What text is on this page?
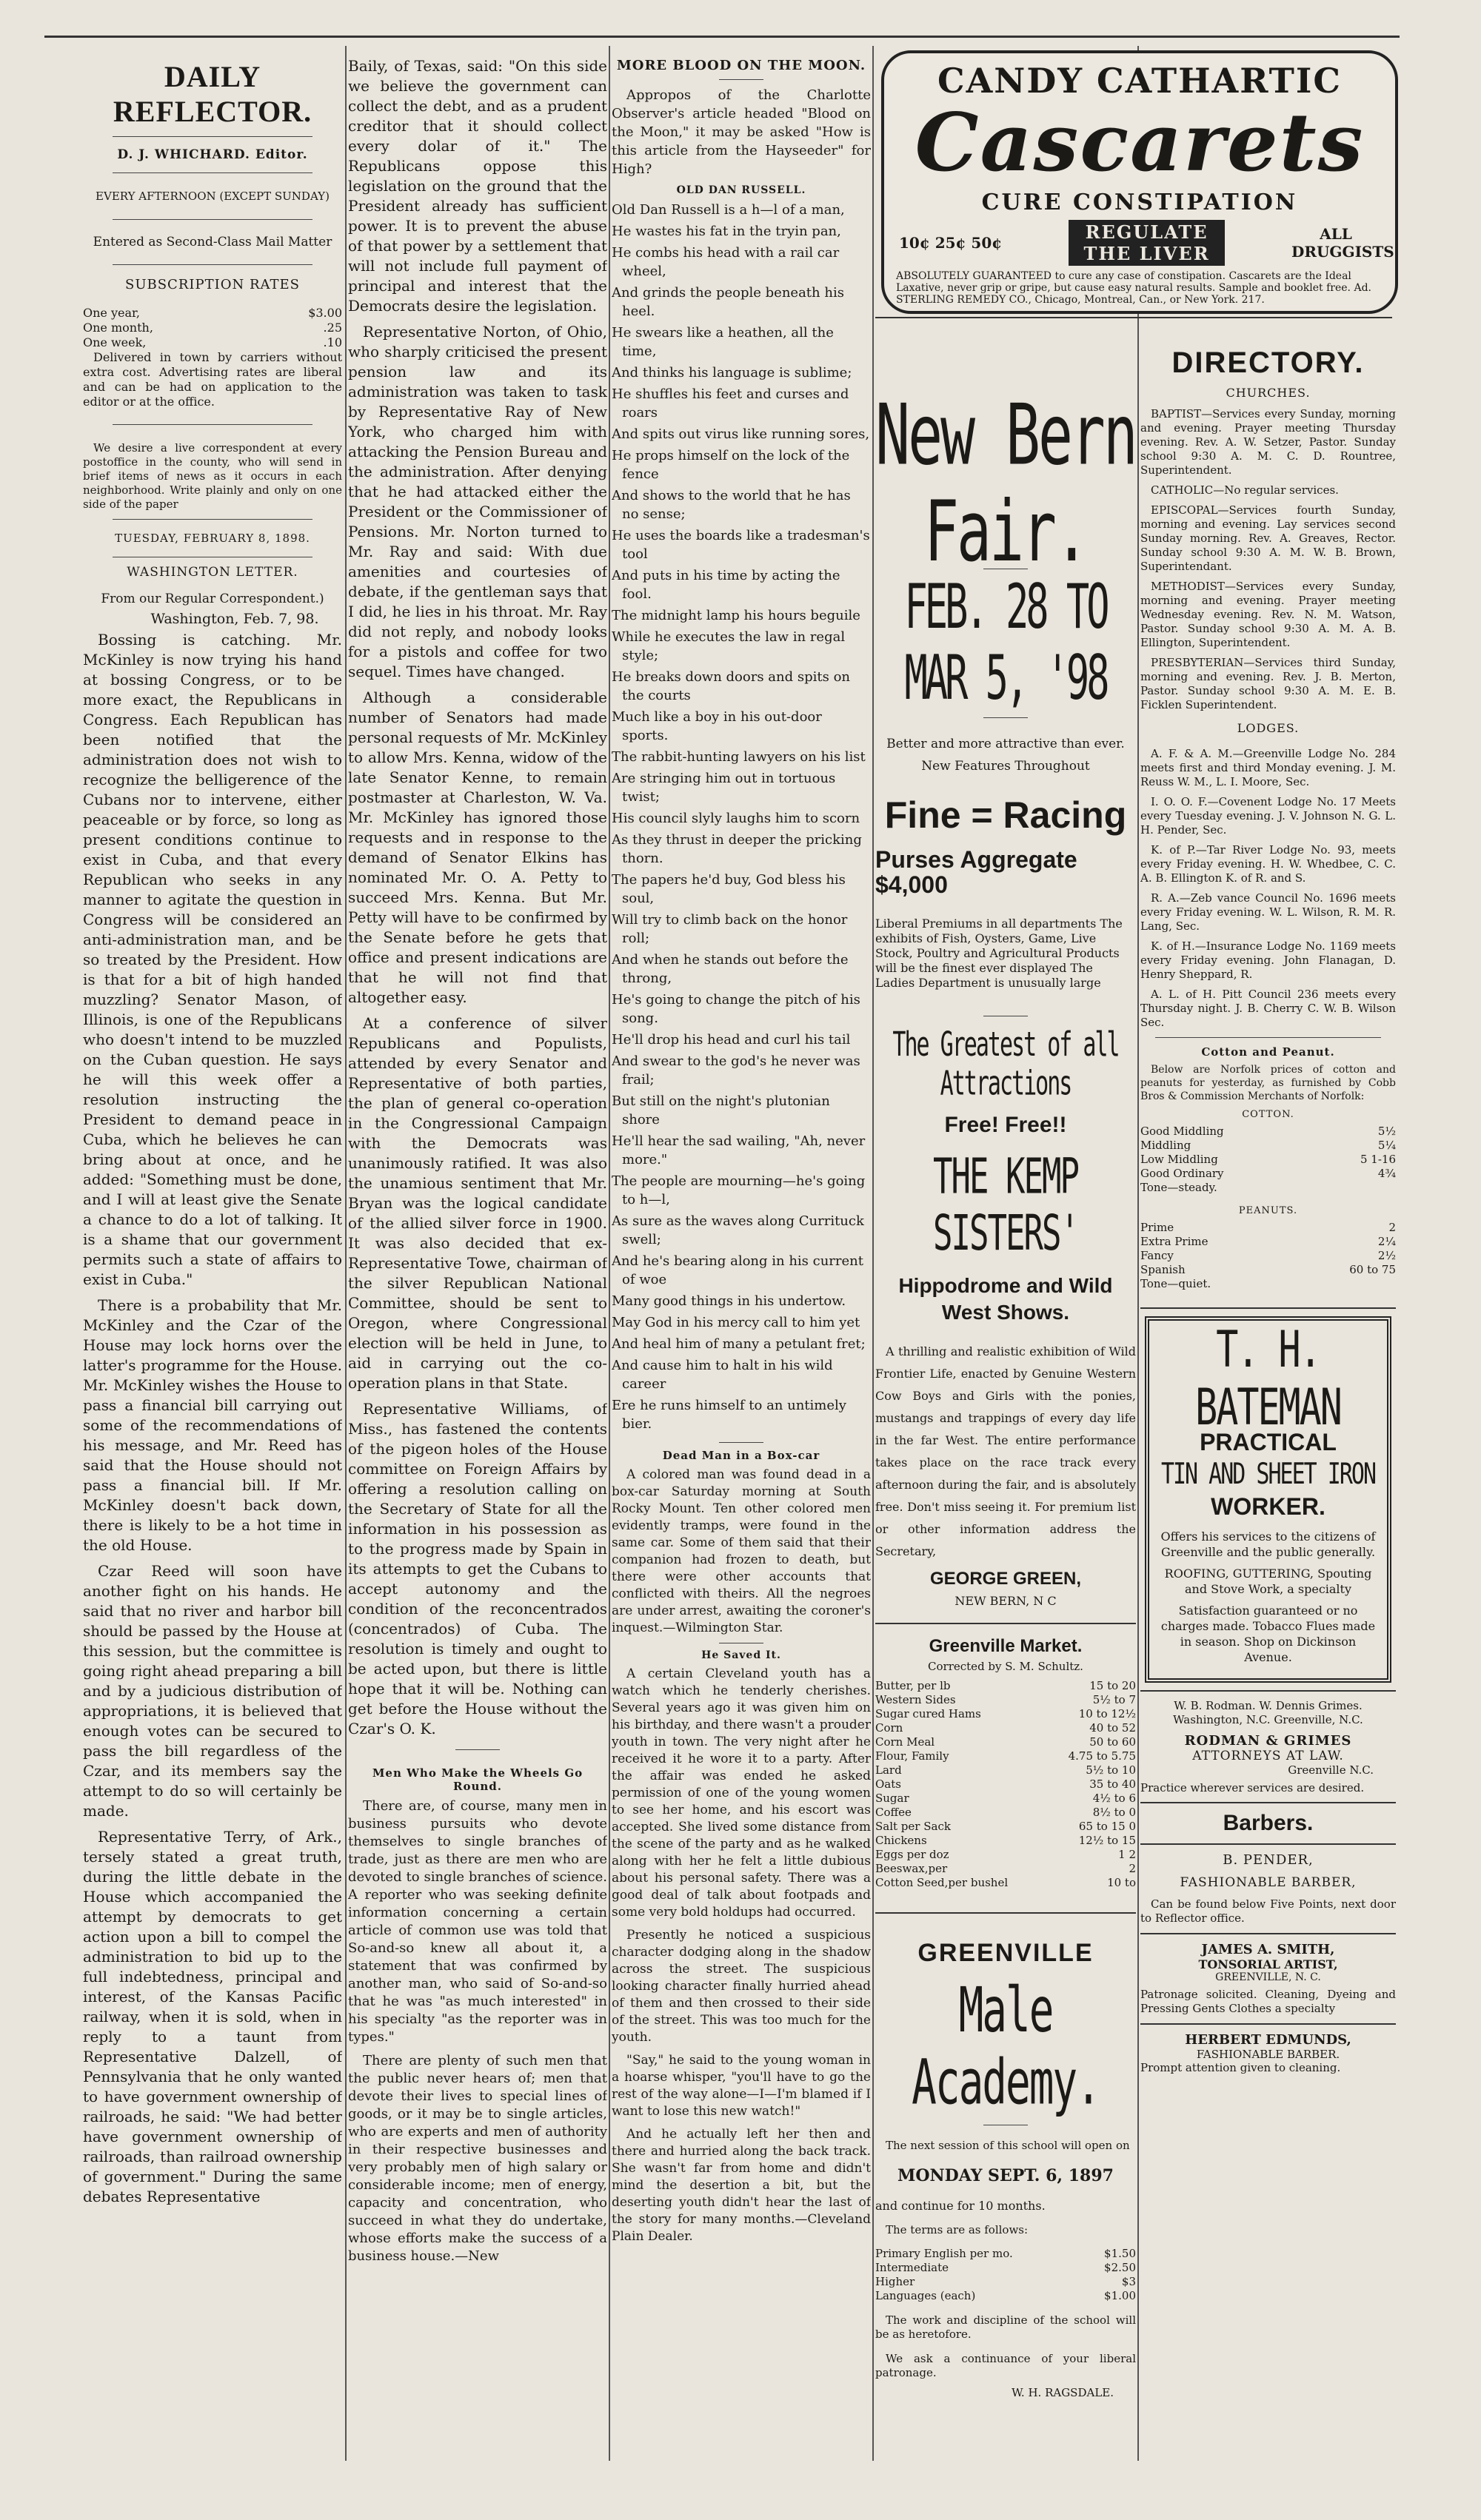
DAILY REFLECTOR.
D. J. WHICHARD. Editor.
EVERY AFTERNOON (EXCEPT SUNDAY)
Entered as Second-Class Mail Matter
SUBSCRIPTION RATES
One year,	$3.00
One month,	.25
One week,	.10

Delivered in town by carriers without extra cost. Advertising rates are liberal and can be had on application to the editor or at the office.

We desire a live correspondent at every postoffice in the county, who will send in brief items of news as it occurs in each neighborhood. Write plainly and only on one side of the paper

TUESDAY, FEBRUARY 8, 1898.
WASHINGTON LETTER.
From our Regular Correspondent.)
Washington, Feb. 7, 98.

Bossing is catching. Mr. McKinley is now trying his hand at bossing Congress, or to be more exact, the Republicans in Congress. Each Republican has been notified that the administration does not wish to recognize the belligerence of the Cubans nor to intervene, either peaceable or by force, so long as present conditions continue to exist in Cuba, and that every Republican who seeks in any manner to agitate the question in Congress will be considered an anti-administration man, and be so treated by the President. How is that for a bit of high handed muzzling? Senator Mason, of Illinois, is one of the Republicans who doesn't intend to be muzzled on the Cuban question. He says he will this week offer a resolution instructing the President to demand peace in Cuba, which he believes he can bring about at once, and he added: "Something must be done, and I will at least give the Senate a chance to do a lot of talking. It is a shame that our government permits such a state of affairs to exist in Cuba."

There is a probability that Mr. McKinley and the Czar of the House may lock horns over the latter's programme for the House. Mr. McKinley wishes the House to pass a financial bill carrying out some of the recommendations of his message, and Mr. Reed has said that the House should not pass a financial bill. If Mr. McKinley doesn't back down, there is likely to be a hot time in the old House.

Czar Reed will soon have another fight on his hands. He said that no river and harbor bill should be passed by the House at this session, but the committee is going right ahead preparing a bill and by a judicious distribution of appropriations, it is believed that enough votes can be secured to pass the bill regardless of the Czar, and its members say the attempt to do so will certainly be made.

Representative Terry, of Ark., tersely stated a great truth, during the little debate in the House which accompanied the attempt by democrats to get action upon a bill to compel the administration to bid up to the full indebtedness, principal and interest, of the Kansas Pacific railway, when it is sold, when in reply to a taunt from Representative Dalzell, of Pennsylvania that he only wanted to have government ownership of railroads, he said: "We had better have government ownership of railroads, than railroad ownership of government." During the same debates Representative

Baily, of Texas, said: "On this side we believe the government can collect the debt, and as a prudent creditor that it should collect every dolar of it." The Republicans oppose this legislation on the ground that the President already has sufficient power. It is to prevent the abuse of that power by a settlement that will not include full payment of principal and interest that the Democrats desire the legislation.

Representative Norton, of Ohio, who sharply criticised the present pension law and its administration was taken to task by Representative Ray of New York, who charged him with attacking the Pension Bureau and the administration. After denying that he had attacked either the President or the Commissioner of Pensions. Mr. Norton turned to Mr. Ray and said: With due amenities and courtesies of debate, if the gentleman says that I did, he lies in his throat. Mr. Ray did not reply, and nobody looks for a pistols and coffee for two sequel. Times have changed.

Although a considerable number of Senators had made personal requests of Mr. McKinley to allow Mrs. Kenna, widow of the late Senator Kenne, to remain postmaster at Charleston, W. Va. Mr. McKinley has ignored those requests and in response to the demand of Senator Elkins has nominated Mr. O. A. Petty to succeed Mrs. Kenna. But Mr. Petty will have to be confirmed by the Senate before he gets that office and present indications are that he will not find that altogether easy.

At a conference of silver Republicans and Populists, attended by every Senator and Representative of both parties, the plan of general co-operation in the Congressional Campaign with the Democrats was unanimously ratified. It was also the unamious sentiment that Mr. Bryan was the logical candidate of the allied silver force in 1900. It was also decided that ex-Representative Towe, chairman of the silver Republican National Committee, should be sent to Oregon, where Congressional election will be held in June, to aid in carrying out the co-operation plans in that State.

Representative Williams, of Miss., has fastened the contents of the pigeon holes of the House committee on Foreign Affairs by offering a resolution calling on the Secretary of State for all the information in his possession as to the progress made by Spain in its attempts to get the Cubans to accept autonomy and the condition of the reconcentrados (concentrados) of Cuba. The resolution is timely and ought to be acted upon, but there is little hope that it will be. Nothing can get before the House without the Czar's O. K.

Men Who Make the Wheels Go Round.

There are, of course, many men in business pursuits who devote themselves to single branches of trade, just as there are men who are devoted to single branches of science. A reporter who was seeking definite information concerning a certain article of common use was told that So-and-so knew all about it, a statement that was confirmed by another man, who said of So-and-so that he was "as much interested" in his specialty "as the reporter was in types."

There are plenty of such men that the public never hears of; men that devote their lives to special lines of goods, or it may be to single articles, who are experts and men of authority in their respective businesses and very probably men of high salary or considerable income; men of energy, capacity and concentration, who succeed in what they do undertake, whose efforts make the success of a business house.—New

MORE BLOOD ON THE MOON.

Appropos of the Charlotte Observer's article headed "Blood on the Moon," it may be asked "How is this article from the Hayseeder" for High?

OLD DAN RUSSELL.

Old Dan Russell is a h—l of a man,

He wastes his fat in the tryin pan,

He combs his head with a rail car wheel,

And grinds the people beneath his heel.

He swears like a heathen, all the time,

And thinks his language is sublime;

He shuffles his feet and curses and roars

And spits out virus like running sores,

He props himself on the lock of the fence

And shows to the world that he has no sense;

He uses the boards like a tradesman's tool

And puts in his time by acting the fool.

The midnight lamp his hours beguile

While he executes the law in regal style;

He breaks down doors and spits on the courts

Much like a boy in his out-door sports.

The rabbit-hunting lawyers on his list

Are stringing him out in tortuous twist;

His council slyly laughs him to scorn

As they thrust in deeper the pricking thorn.

The papers he'd buy, God bless his soul,

Will try to climb back on the honor roll;

And when he stands out before the throng,

He's going to change the pitch of his song.

He'll drop his head and curl his tail

And swear to the god's he never was frail;

But still on the night's plutonian shore

He'll hear the sad wailing, "Ah, never more."

The people are mourning—he's going to h—l,

As sure as the waves along Currituck swell;

And he's bearing along in his current of woe

Many good things in his undertow.

May God in his mercy call to him yet

And heal him of many a petulant fret;

And cause him to halt in his wild career

Ere he runs himself to an untimely bier.

Dead Man in a Box-car

A colored man was found dead in a box-car Saturday morning at South Rocky Mount. Ten other colored men evidently tramps, were found in the same car. Some of them said that their companion had frozen to death, but there were other accounts that conflicted with theirs. All the negroes are under arrest, awaiting the coroner's inquest.—Wilmington Star.

He Saved It.

A certain Cleveland youth has a watch which he tenderly cherishes. Several years ago it was given him on his birthday, and there wasn't a prouder youth in town. The very night after he received it he wore it to a party. After the affair was ended he asked permission of one of the young women to see her home, and his escort was accepted. She lived some distance from the scene of the party and as he walked along with her he felt a little dubious about his personal safety. There was a good deal of talk about footpads and some very bold holdups had occurred.

Presently he noticed a suspicious character dodging along in the shadow across the street. The suspicious looking character finally hurried ahead of them and then crossed to their side of the street. This was too much for the youth.

"Say," he said to the young woman in a hoarse whisper, "you'll have to go the rest of the way alone—I—I'm blamed if I want to lose this new watch!"

And he actually left her then and there and hurried along the back track. She wasn't far from home and didn't mind the desertion a bit, but the deserting youth didn't hear the last of the story for many months.—Cleveland Plain Dealer.

CANDY CATHARTIC
Cascarets
CURE CONSTIPATION
10¢ 25¢ 50¢	REGULATE THE LIVER
ALL DRUGGISTS
ABSOLUTELY GUARANTEED to cure any case of constipation. Cascarets are the Ideal Laxative, never grip or gripe, but cause easy natural results. Sample and booklet free. Ad. STERLING REMEDY CO., Chicago, Montreal, Can., or New York. 217.
New Bern Fair.
FEB. 28 TO MAR 5, '98
Better and more attractive than ever. New Features Throughout
Fine = Racing
Purses Aggregate $4,000

Liberal Premiums in all departments The exhibits of Fish, Oysters, Game, Live Stock, Poultry and Agricultural Products will be the finest ever displayed The Ladies Department is unusually large

The Greatest of all Attractions
Free! Free!!
THE KEMP SISTERS'
Hippodrome and Wild West Shows.

A thrilling and realistic exhibition of Wild Frontier Life, enacted by Genuine Western Cow Boys and Girls with the ponies, mustangs and trappings of every day life in the far West. The entire performance takes place on the race track every afternoon during the fair, and is absolutely free. Don't miss seeing it. For premium list or other information address the Secretary,

GEORGE GREEN,
NEW BERN, N C
Greenville Market.
Corrected by S. M. Schultz.
Butter, per lb	15 to 20
Western Sides	5½ to 7
Sugar cured Hams	10 to 12½
Corn	40 to 52
Corn Meal	50 to 60
Flour, Family	4.75 to 5.75
Lard	5½ to 10
Oats	35 to 40
Sugar	4½ to 6
Coffee	8½ to 0
Salt per Sack	65 to 15 0
Chickens	12½ to 15
Eggs per doz	1 2
Beeswax,per	2
Cotton Seed,per bushel	10 to
GREENVILLE
Male Academy.

The next session of this school will open on

MONDAY SEPT. 6, 1897
and continue for 10 months.
The terms are as follows:
Primary English per mo.	$1.50
Intermediate	$2.50
Higher	$3
Languages (each)	$1.00

The work and discipline of the school will be as heretofore.

We ask a continuance of your liberal patronage.

W. H. RAGSDALE.
DIRECTORY.
CHURCHES.

BAPTIST—Services every Sunday, morning and evening. Prayer meeting Thursday evening. Rev. A. W. Setzer, Pastor. Sunday school 9:30 A. M. C. D. Rountree, Superintendent.

CATHOLIC—No regular services.

EPISCOPAL—Services fourth Sunday, morning and evening. Lay services second Sunday morning. Rev. A. Greaves, Rector. Sunday school 9:30 A. M. W. B. Brown, Superintendant.

METHODIST—Services every Sunday, morning and evening. Prayer meeting Wednesday evening. Rev. N. M. Watson, Pastor. Sunday school 9:30 A. M. A. B. Ellington, Superintendent.

PRESBYTERIAN—Services third Sunday, morning and evening. Rev. J. B. Merton, Pastor. Sunday school 9:30 A. M. E. B. Ficklen Superintendent.

LODGES.

A. F. & A. M.—Greenville Lodge No. 284 meets first and third Monday evening. J. M. Reuss W. M., L. I. Moore, Sec.

I. O. O. F.—Covenent Lodge No. 17 Meets every Tuesday evening. J. V. Johnson N. G. L. H. Pender, Sec.

K. of P.—Tar River Lodge No. 93, meets every Friday evening. H. W. Whedbee, C. C. A. B. Ellington K. of R. and S.

R. A.—Zeb vance Council No. 1696 meets every Friday evening. W. L. Wilson, R. M. R. Lang, Sec.

K. of H.—Insurance Lodge No. 1169 meets every Friday evening. John Flanagan, D. Henry Sheppard, R.

A. L. of H. Pitt Council 236 meets every Thursday night. J. B. Cherry C. W. B. Wilson Sec.

Cotton and Peanut.

Below are Norfolk prices of cotton and peanuts for yesterday, as furnished by Cobb Bros & Commission Merchants of Norfolk:

COTTON.
Good Middling	5½
Middling	5¼
Low Middling	5 1-16
Good Ordinary	4¾
Tone—steady.
PEANUTS.
Prime	2
Extra Prime	2¼
Fancy	2½
Spanish	60 to 75
Tone—quiet.
T. H. BATEMAN
PRACTICAL
TIN AND SHEET IRON
WORKER.

Offers his services to the citizens of Greenville and the public generally.

ROOFING, GUTTERING, Spouting and Stove Work, a specialty

Satisfaction guaranteed or no charges made. Tobacco Flues made in season. Shop on Dickinson Avenue.

W. B. Rodman. W. Dennis Grimes. Washington, N.C. Greenville, N.C.

RODMAN & GRIMES
ATTORNEYS AT LAW.
Greenville N.C.
Practice wherever services are desired.
Barbers.
B. PENDER,
FASHIONABLE BARBER,

Can be found below Five Points, next door to Reflector office.

JAMES A. SMITH,
TONSORIAL ARTIST,
GREENVILLE, N. C.

Patronage solicited. Cleaning, Dyeing and Pressing Gents Clothes a specialty

HERBERT EDMUNDS,
FASHIONABLE BARBER.

Prompt attention given to cleaning.
